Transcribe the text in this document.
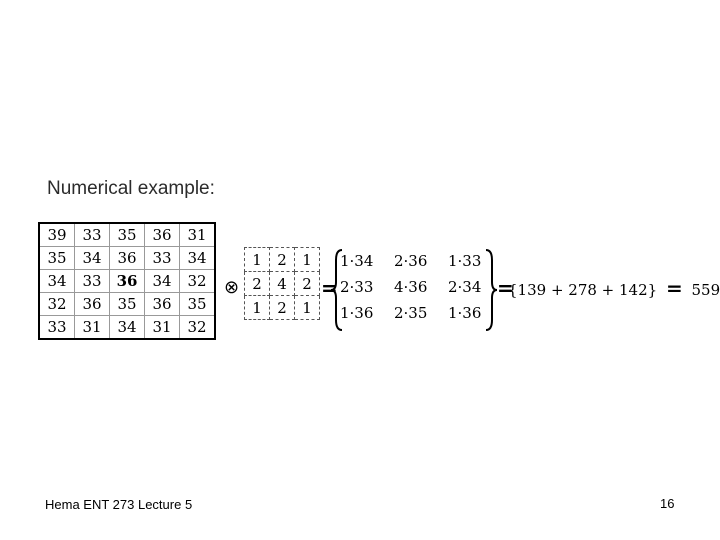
Numerical example:
39	33	35	36	31
35	34	36	33	34
34	33	36	34	32
32	36	35	36	35
33	31	34	31	32
⊗
1	2	1
2	4	2
1	2	1
=
1·34	2·36	1·33
2·33	4·36	2·34
1·36	2·35	1·36
=
{139 + 278 + 142} = 559
Hema ENT 273 Lecture 5	16
